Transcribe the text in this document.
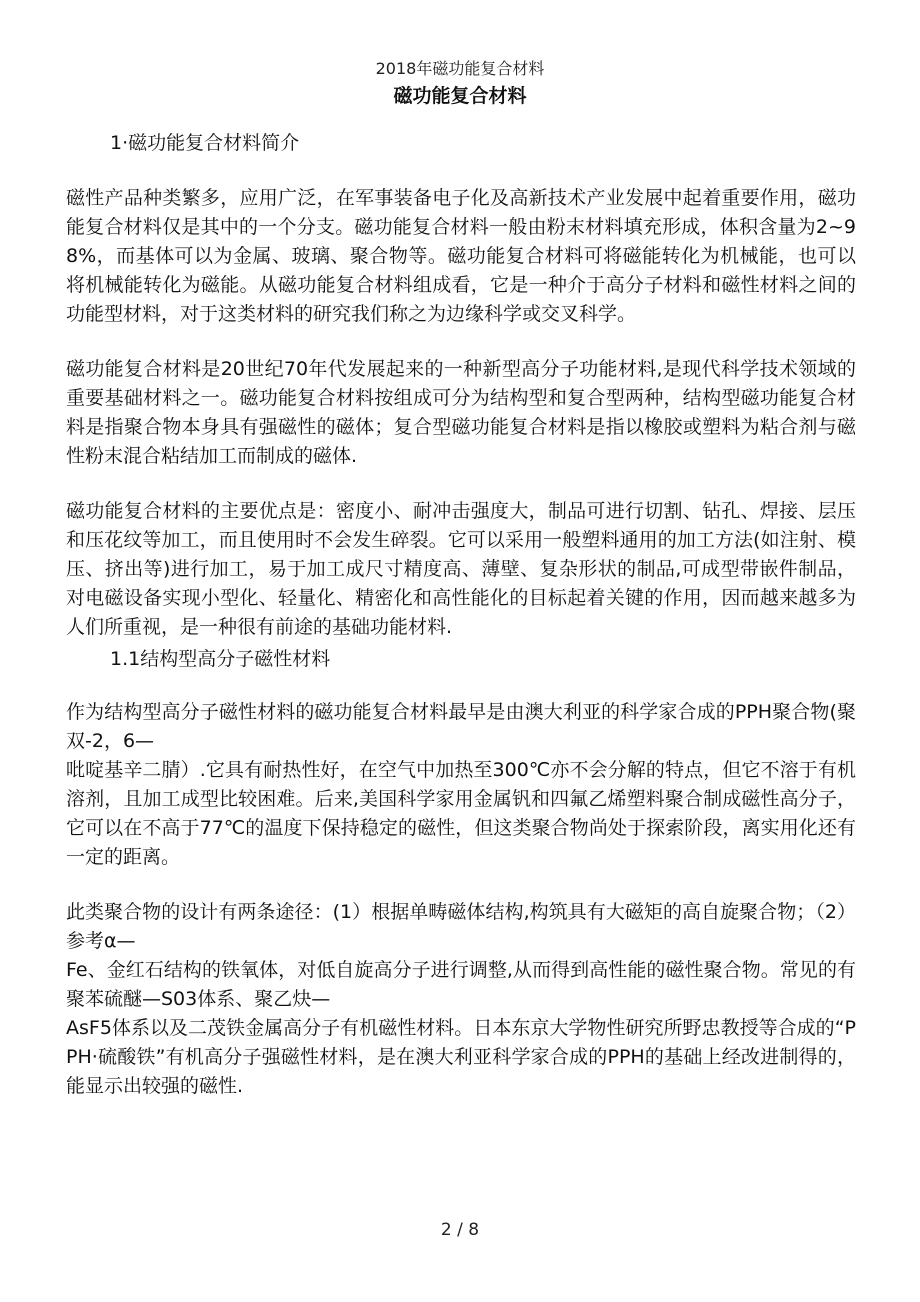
2018年磁功能复合材料
磁功能复合材料
1·磁功能复合材料简介

磁性产品种类繁多，应用广泛，在军事装备电子化及高新技术产业发展中起着重要作用，磁功能复合材料仅是其中的一个分支。磁功能复合材料一般由粉末材料填充形成，体积含量为2~98%，而基体可以为金属、玻璃、聚合物等。磁功能复合材料可将磁能转化为机械能，也可以将机械能转化为磁能。从磁功能复合材料组成看，它是一种介于高分子材料和磁性材料之间的功能型材料，对于这类材料的研究我们称之为边缘科学或交叉科学。

磁功能复合材料是20世纪70年代发展起来的一种新型高分子功能材料,是现代科学技术领域的重要基础材料之一。磁功能复合材料按组成可分为结构型和复合型两种，结构型磁功能复合材料是指聚合物本身具有强磁性的磁体；复合型磁功能复合材料是指以橡胶或塑料为粘合剂与磁性粉末混合粘结加工而制成的磁体.

磁功能复合材料的主要优点是：密度小、耐冲击强度大，制品可进行切割、钻孔、焊接、层压和压花纹等加工，而且使用时不会发生碎裂。它可以采用一般塑料通用的加工方法(如注射、模压、挤出等)进行加工，易于加工成尺寸精度高、薄壁、复杂形状的制品,可成型带嵌件制品，对电磁设备实现小型化、轻量化、精密化和高性能化的目标起着关键的作用，因而越来越多为人们所重视，是一种很有前途的基础功能材料.

1.1结构型高分子磁性材料

作为结构型高分子磁性材料的磁功能复合材料最早是由澳大利亚的科学家合成的PPH聚合物(聚双-2，6—
吡啶基辛二腈）.它具有耐热性好，在空气中加热至300℃亦不会分解的特点，但它不溶于有机溶剂，且加工成型比较困难。后来,美国科学家用金属钒和四氟乙烯塑料聚合制成磁性高分子，它可以在不高于77℃的温度下保持稳定的磁性，但这类聚合物尚处于探索阶段，离实用化还有一定的距离。

此类聚合物的设计有两条途径：(1）根据单畴磁体结构,构筑具有大磁矩的高自旋聚合物；（2）参考α—
Fe、金红石结构的铁氧体，对低自旋高分子进行调整,从而得到高性能的磁性聚合物。常见的有聚苯硫醚—S03体系、聚乙炔—
AsF5体系以及二茂铁金属高分子有机磁性材料。日本东京大学物性研究所野忠教授等合成的“PPH·硫酸铁”有机高分子强磁性材料，是在澳大利亚科学家合成的PPH的基础上经改进制得的，能显示出较强的磁性.

2 / 8
